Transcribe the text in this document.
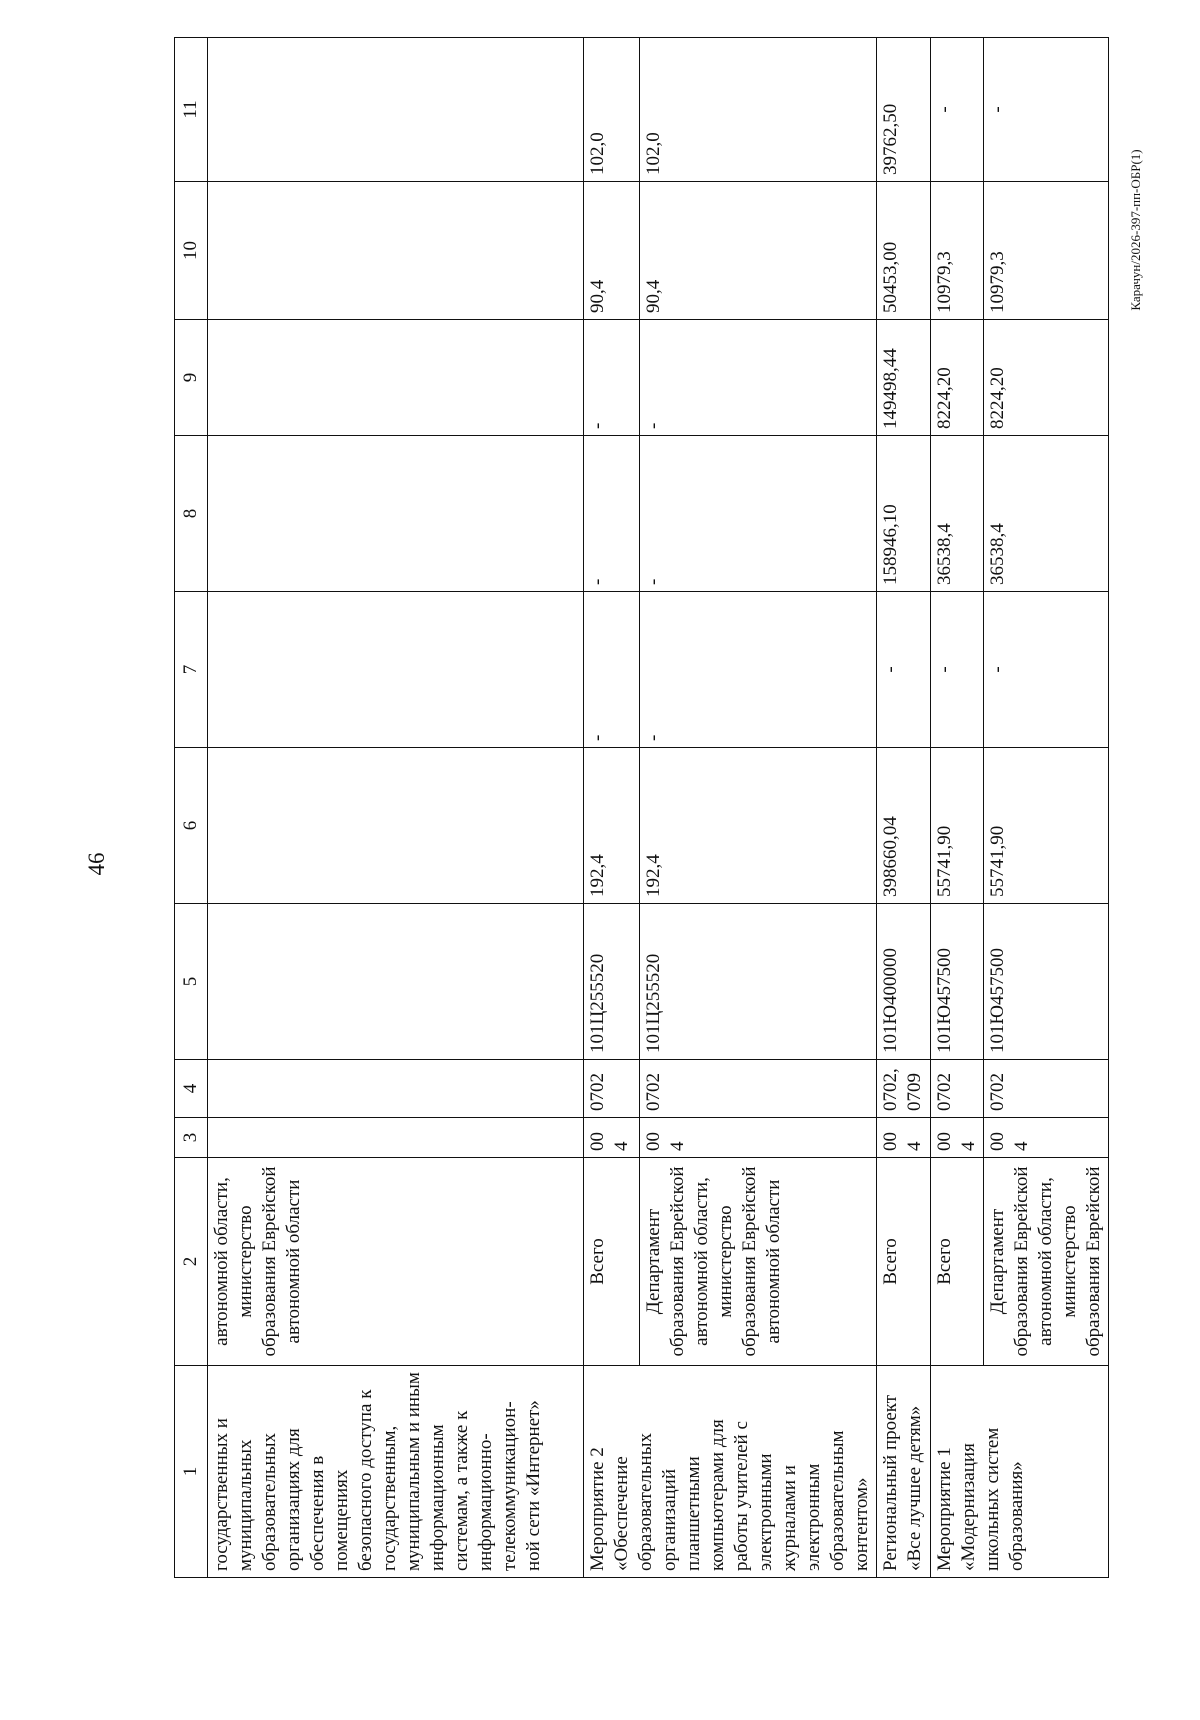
46
Карачун/2026-397-пп-ОБР(1)
1	2	3	4	5	6	7	8	9	10	11
государственных и муниципальных образовательных организациях для обеспечения в помещениях безопасного доступа к государственным, муниципальным и иным информационным системам, а также к информационно-телекоммуникацион-ной сети «Интернет»	автономной области, министерство образования Еврейской автономной области									
Мероприятие 2 «Обеспечение образовательных организаций планшетными компьютерами для работы учителей с электронными журналами и электронным образовательным контентом»	Всего	004	0702	101Ц255520	192,4	-	-	-	90,4	102,0
	Департамент образования Еврейской автономной области, министерство образования Еврейской автономной области	004	0702	101Ц255520	192,4	-	-	-	90,4	102,0
Региональный проект «Все лучшее детям»	Всего	004	0702, 0709	101Ю400000	398660,04	-	158946,10	149498,44	50453,00	39762,50
Мероприятие 1 «Модернизация школьных систем образования»	Всего	004	0702	101Ю457500	55741,90	-	36538,4	8224,20	10979,3	-
	Департамент образования Еврейской автономной области, министерство образования Еврейской	004	0702	101Ю457500	55741,90	-	36538,4	8224,20	10979,3	-
